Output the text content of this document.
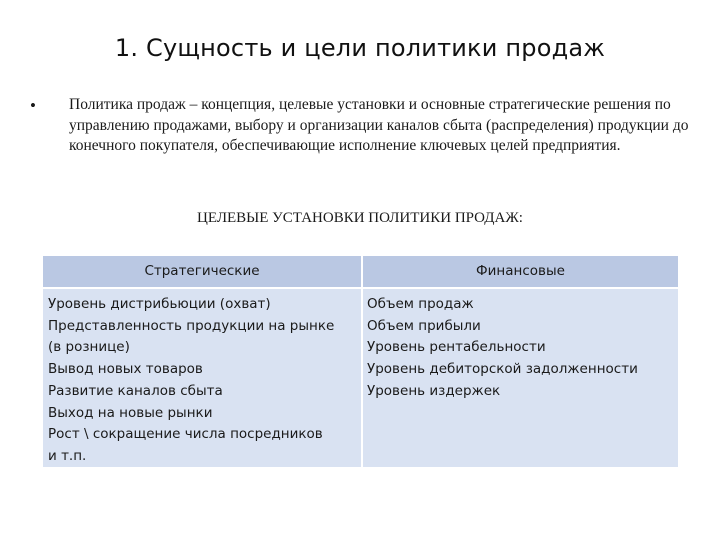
1. Сущность и цели политики продаж
• Политика продаж – концепция, целевые установки и основные стратегические решения по управлению продажами, выбору и организации каналов сбыта (распределения) продукции до конечного покупателя, обеспечивающие исполнение ключевых целей предприятия.
ЦЕЛЕВЫЕ УСТАНОВКИ ПОЛИТИКИ ПРОДАЖ:
Стратегические	Финансовые
Уровень дистрибьюции (охват)
Представленность продукции на рынке
(в рознице)
Вывод новых товаров
Развитие каналов сбыта
Выход на новые рынки
Рост \ сокращение числа посредников
и т.п.
Объем продаж
Объем прибыли
Уровень рентабельности
Уровень дебиторской задолженности
Уровень издержек
